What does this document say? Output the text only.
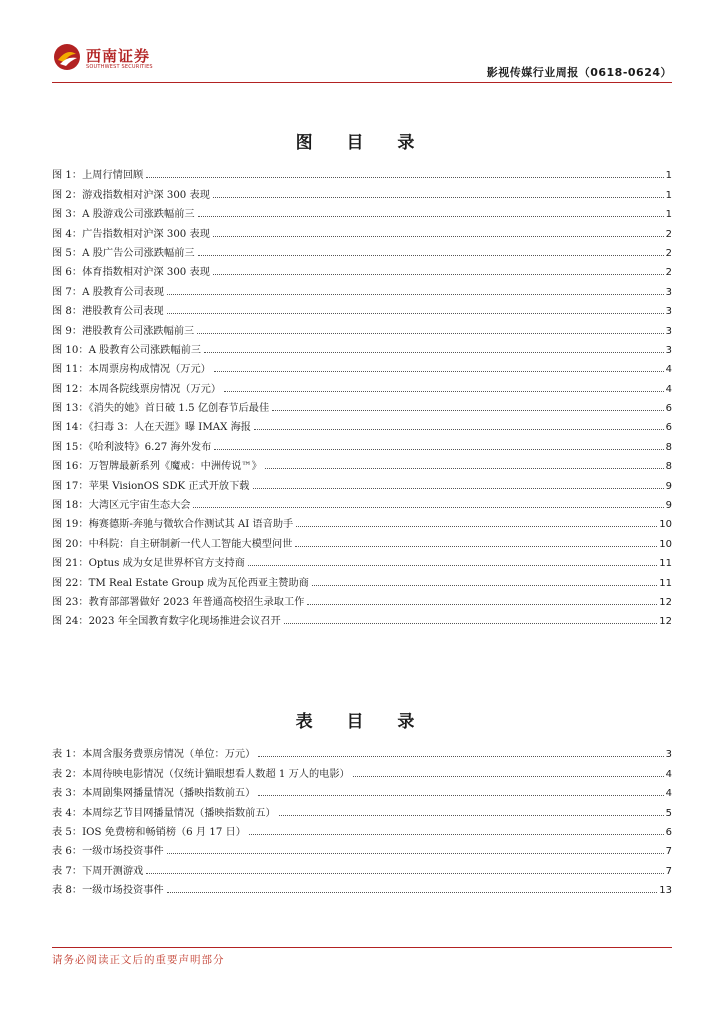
西南证券
SOUTHWEST SECURITIES	影视传媒行业周报（0618-0624）
图 目 录
图 1：上周行情回顾	1
图 2：游戏指数相对沪深 300 表现	1
图 3：A 股游戏公司涨跌幅前三	1
图 4：广告指数相对沪深 300 表现	2
图 5：A 股广告公司涨跌幅前三	2
图 6：体育指数相对沪深 300 表现	2
图 7：A 股教育公司表现	3
图 8：港股教育公司表现	3
图 9：港股教育公司涨跌幅前三	3
图 10：A 股教育公司涨跌幅前三	3
图 11：本周票房构成情况（万元）	4
图 12：本周各院线票房情况（万元）	4
图 13：《消失的她》首日破 1.5 亿创春节后最佳	6
图 14：《扫毒 3：人在天涯》曝 IMAX 海报	6
图 15：《哈利波特》6.27 海外发布	8
图 16：万智牌最新系列《魔戒：中洲传说™》	8
图 17：苹果 VisionOS SDK 正式开放下载	9
图 18：大湾区元宇宙生态大会	9
图 19：梅赛德斯-奔驰与微软合作测试其 AI 语音助手	10
图 20：中科院：自主研制新一代人工智能大模型问世	10
图 21：Optus 成为女足世界杯官方支持商	11
图 22：TM Real Estate Group 成为瓦伦西亚主赞助商	11
图 23：教育部部署做好 2023 年普通高校招生录取工作	12
图 24：2023 年全国教育数字化现场推进会议召开	12
表 目 录
表 1：本周含服务费票房情况（单位：万元）	3
表 2：本周待映电影情况（仅统计猫眼想看人数超 1 万人的电影）	4
表 3：本周剧集网播量情况（播映指数前五）	4
表 4：本周综艺节目网播量情况（播映指数前五）	5
表 5：IOS 免费榜和畅销榜（6 月 17 日）	6
表 6：一级市场投资事件	7
表 7：下周开测游戏	7
表 8：一级市场投资事件	13
请务必阅读正文后的重要声明部分
